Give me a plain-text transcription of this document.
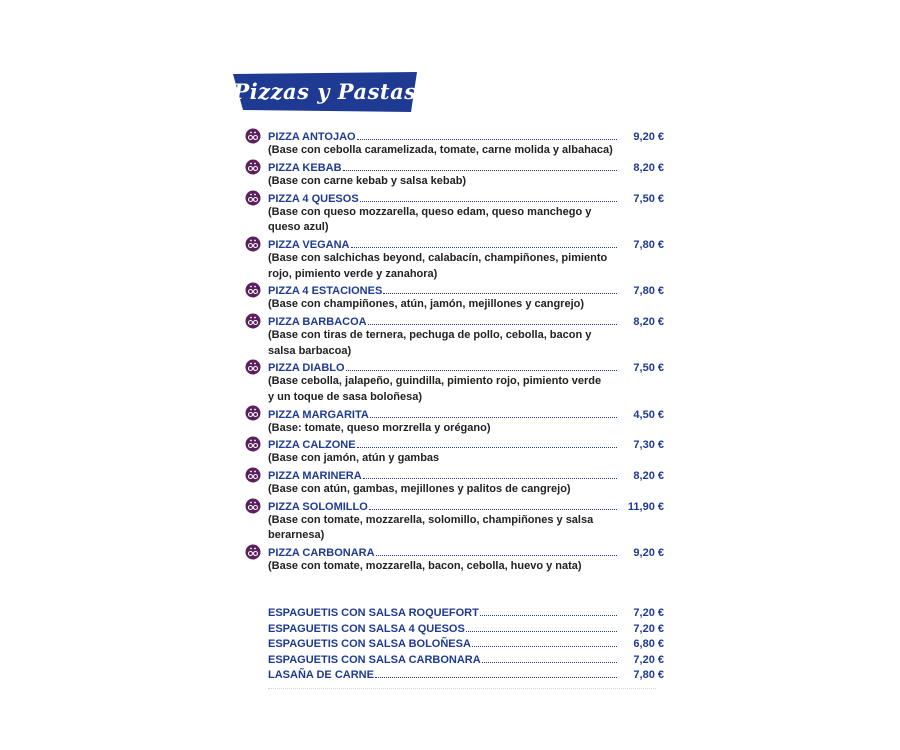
Pizzas y Pastas
PIZZA ANTOJAO	9,20 €
(Base con cebolla caramelizada, tomate, carne molida y albahaca)
PIZZA KEBAB	8,20 €
(Base con carne kebab y salsa kebab)
PIZZA 4 QUESOS	7,50 €
(Base con queso mozzarella, queso edam, queso manchego y queso azul)
PIZZA VEGANA	7,80 €
(Base con salchichas beyond, calabacín, champiñones, pimiento rojo, pimiento verde y zanahora)
PIZZA 4 ESTACIONES	7,80 €
(Base con champiñones, atún, jamón, mejillones y cangrejo)
PIZZA BARBACOA	8,20 €
(Base con tiras de ternera, pechuga de pollo, cebolla, bacon y salsa barbacoa)
PIZZA DIABLO	7,50 €
(Base cebolla, jalapeño, guindilla, pimiento rojo, pimiento verde y un toque de sasa boloñesa)
PIZZA MARGARITA	4,50 €
(Base: tomate, queso morzrella y orégano)
PIZZA CALZONE	7,30 €
(Base con jamón, atún y gambas
PIZZA MARINERA	8,20 €
(Base con atún, gambas, mejillones y palitos de cangrejo)
PIZZA SOLOMILLO	11,90 €
(Base con tomate, mozzarella, solomillo, champiñones y salsa berarnesa)
PIZZA CARBONARA	9,20 €
(Base con tomate, mozzarella, bacon, cebolla, huevo y nata)
ESPAGUETIS CON SALSA ROQUEFORT	7,20 €
ESPAGUETIS CON SALSA 4 QUESOS	7,20 €
ESPAGUETIS CON SALSA BOLOÑESA	6,80 €
ESPAGUETIS CON SALSA CARBONARA	7,20 €
LASAÑA DE CARNE	7,80 €
